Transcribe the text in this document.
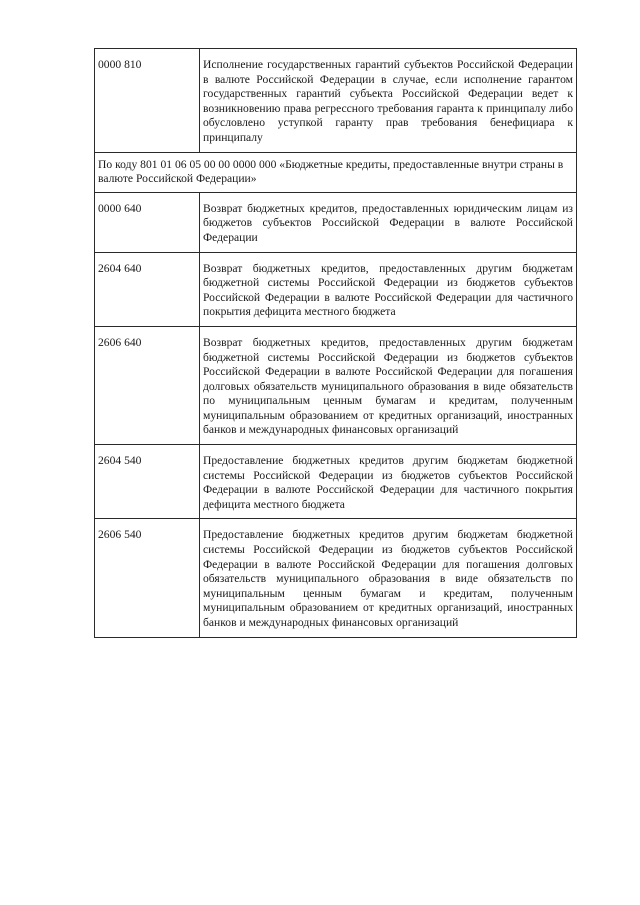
0000 810	Исполнение государственных гарантий субъектов Российской Федерации в валюте Российской Федерации в случае, если исполнение гарантом государственных гарантий субъекта Российской Федерации ведет к возникновению права регрессного требования гаранта к принципалу либо обусловлено уступкой гаранту прав требования бенефициара к принципалу
По коду 801 01 06 05 00 00 0000 000 «Бюджетные кредиты, предоставленные внутри страны в валюте Российской Федерации»	
0000 640	Возврат бюджетных кредитов, предоставленных юридическим лицам из бюджетов субъектов Российской Федерации в валюте Российской Федерации
2604 640	Возврат бюджетных кредитов, предоставленных другим бюджетам бюджетной системы Российской Федерации из бюджетов субъектов Российской Федерации в валюте Российской Федерации для частичного покрытия дефицита местного бюджета
2606 640	Возврат бюджетных кредитов, предоставленных другим бюджетам бюджетной системы Российской Федерации из бюджетов субъектов Российской Федерации в валюте Российской Федерации для погашения долговых обязательств муниципального образования в виде обязательств по муниципальным ценным бумагам и кредитам, полученным муниципальным образованием от кредитных организаций, иностранных банков и международных финансовых организаций
2604 540	Предоставление бюджетных кредитов другим бюджетам бюджетной системы Российской Федерации из бюджетов субъектов Российской Федерации в валюте Российской Федерации для частичного покрытия дефицита местного бюджета
2606 540	Предоставление бюджетных кредитов другим бюджетам бюджетной системы Российской Федерации из бюджетов субъектов Российской Федерации в валюте Российской Федерации для погашения долговых обязательств муниципального образования в виде обязательств по муниципальным ценным бумагам и кредитам, полученным муниципальным образованием от кредитных организаций, иностранных банков и международных финансовых организаций
